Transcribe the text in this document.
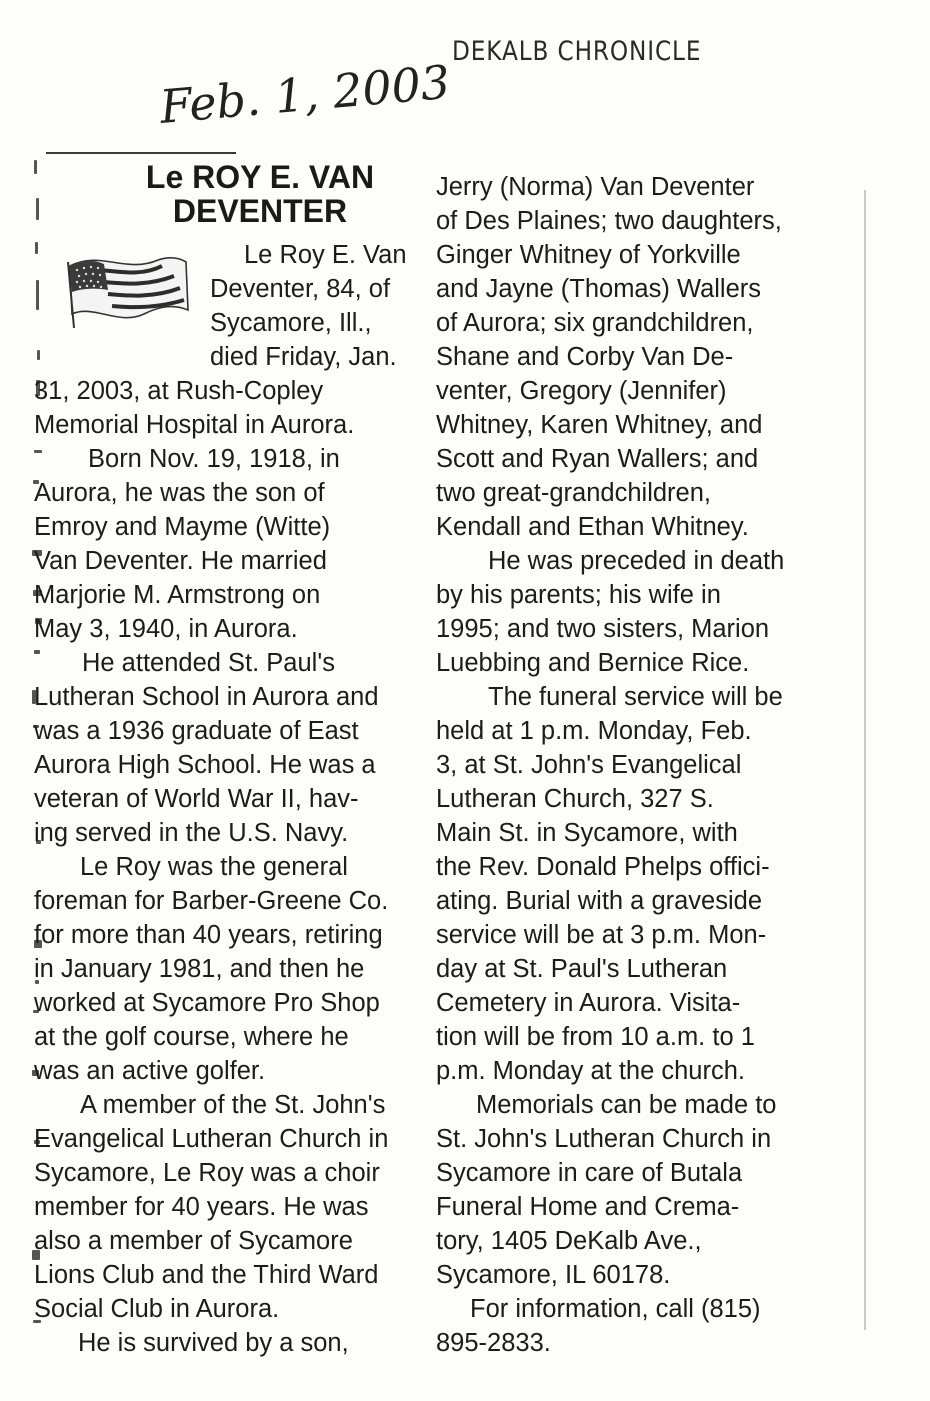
DEKALB CHRONICLE
Feb. 1, 2003
Le ROY E. VAN
DEVENTER
Le Roy E. Van
Deventer, 84, of
Sycamore, Ill.,
died Friday, Jan.
31, 2003, at Rush-Copley
Memorial Hospital in Aurora.
Born Nov. 19, 1918, in
Aurora, he was the son of
Emroy and Mayme (Witte)
Van Deventer. He married
Marjorie M. Armstrong on
May 3, 1940, in Aurora.
He attended St. Paul's
Lutheran School in Aurora and
was a 1936 graduate of East
Aurora High School. He was a
veteran of World War II, hav-
ing served in the U.S. Navy.
Le Roy was the general
foreman for Barber-Greene Co.
for more than 40 years, retiring
in January 1981, and then he
worked at Sycamore Pro Shop
at the golf course, where he
was an active golfer.
A member of the St. John's
Evangelical Lutheran Church in
Sycamore, Le Roy was a choir
member for 40 years. He was
also a member of Sycamore
Lions Club and the Third Ward
Social Club in Aurora.
He is survived by a son,
Jerry (Norma) Van Deventer
of Des Plaines; two daughters,
Ginger Whitney of Yorkville
and Jayne (Thomas) Wallers
of Aurora; six grandchildren,
Shane and Corby Van De-
venter, Gregory (Jennifer)
Whitney, Karen Whitney, and
Scott and Ryan Wallers; and
two great-grandchildren,
Kendall and Ethan Whitney.
He was preceded in death
by his parents; his wife in
1995; and two sisters, Marion
Luebbing and Bernice Rice.
The funeral service will be
held at 1 p.m. Monday, Feb.
3, at St. John's Evangelical
Lutheran Church, 327 S.
Main St. in Sycamore, with
the Rev. Donald Phelps offici-
ating. Burial with a graveside
service will be at 3 p.m. Mon-
day at St. Paul's Lutheran
Cemetery in Aurora. Visita-
tion will be from 10 a.m. to 1
p.m. Monday at the church.
Memorials can be made to
St. John's Lutheran Church in
Sycamore in care of Butala
Funeral Home and Crema-
tory, 1405 DeKalb Ave.,
Sycamore, IL 60178.
For information, call (815)
895-2833.
